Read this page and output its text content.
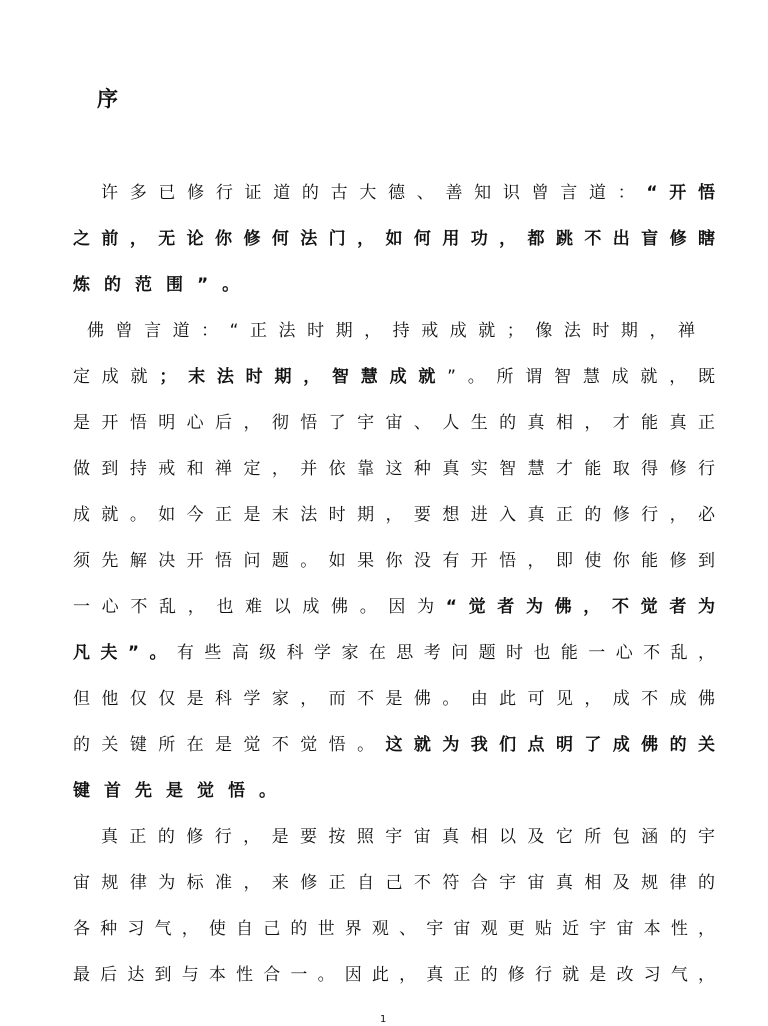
序
许多已修行证道的古大德、善知识曾言道：“开悟
之前，无论你修何法门，如何用功，都跳不出盲修瞎
炼的范围”。
佛曾言道：“正法时期，持戒成就；像法时期，禅
定成就；末法时期，智慧成就”。所谓智慧成就，既
是开悟明心后，彻悟了宇宙、人生的真相，才能真正
做到持戒和禅定，并依靠这种真实智慧才能取得修行
成就。如今正是末法时期，要想进入真正的修行，必
须先解决开悟问题。如果你没有开悟，即使你能修到
一心不乱，也难以成佛。因为“觉者为佛，不觉者为
凡夫”。有些高级科学家在思考问题时也能一心不乱，
但他仅仅是科学家，而不是佛。由此可见，成不成佛
的关键所在是觉不觉悟。这就为我们点明了成佛的关
键首先是觉悟。
真正的修行，是要按照宇宙真相以及它所包涵的宇
宙规律为标准，来修正自己不符合宇宙真相及规律的
各种习气，使自己的世界观、宇宙观更贴近宇宙本性，
最后达到与本性合一。因此，真正的修行就是改习气，
1
